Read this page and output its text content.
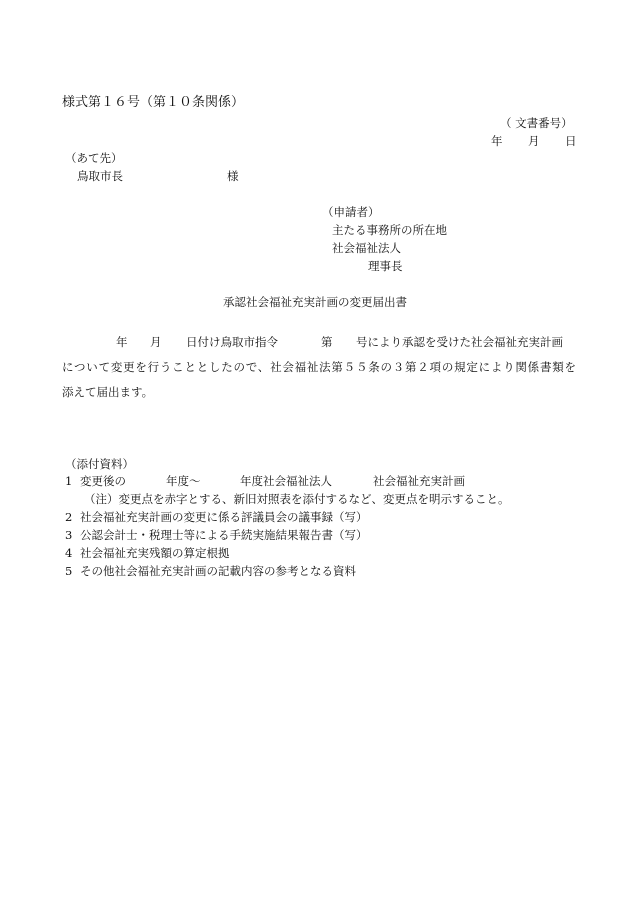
様式第１６号（第１０条関係）
（ 文書番号）
年 月 日
（あて先）
鳥取市長	様
（申請者）
主たる事務所の所在地
社会福祉法人
理事長
承認社会福祉充実計画の変更届出書
年 月 日付け鳥取市指令	第 号により承認を受けた社会福祉充実計画
について変更を行うこととしたので、社会福祉法第５５条の３第２項の規定により関係書類を
添えて届出ます。
（添付資料）
1 変更後の	年度～	年度社会福祉法人	社会福祉充実計画
（注）変更点を赤字とする、新旧対照表を添付するなど、変更点を明示すること。
2 社会福祉充実計画の変更に係る評議員会の議事録（写）
3 公認会計士・税理士等による手続実施結果報告書（写）
4 社会福祉充実残額の算定根拠
5 その他社会福祉充実計画の記載内容の参考となる資料
